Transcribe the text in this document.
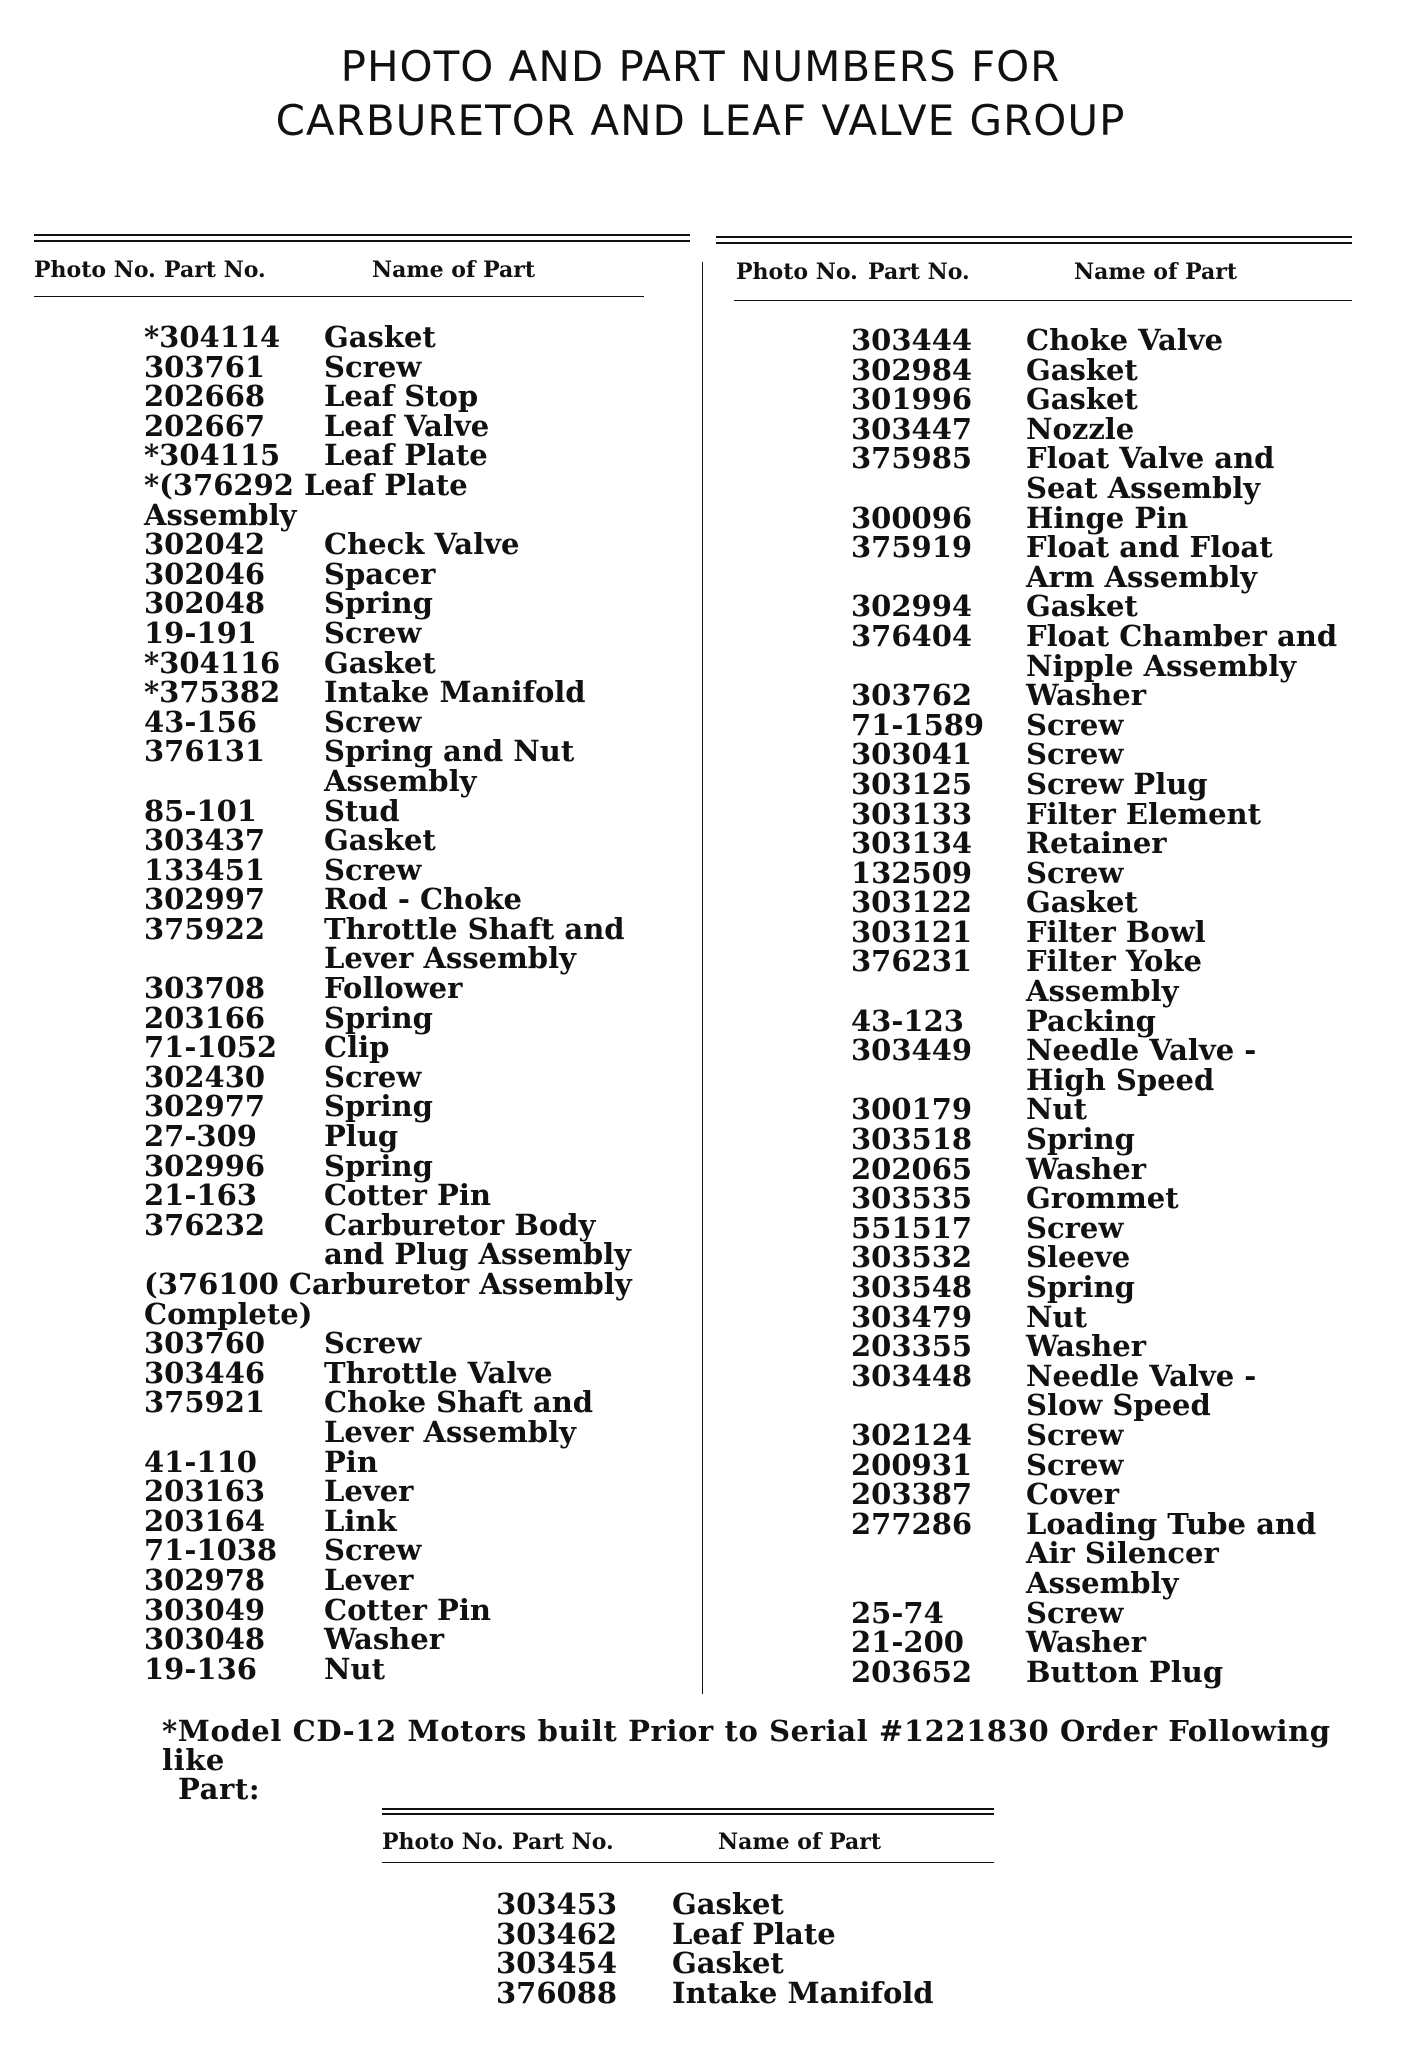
PHOTO AND PART NUMBERS FOR
CARBURETOR AND LEAF VALVE GROUP
Photo No. Part No.	Name of Part	Photo No. Part No.	Name of Part
*304114 Gasket
303761 Screw
202668 Leaf Stop
202667 Leaf Valve
*304115 Leaf Plate
*(376292 Leaf Plate
Assembly
302042 Check Valve
302046 Spacer
302048 Spring
19-191 Screw
*304116 Gasket
*375382 Intake Manifold
43-156 Screw
376131 Spring and Nut
Assembly
85-101 Stud
303437 Gasket
133451 Screw
302997 Rod - Choke
375922 Throttle Shaft and
Lever Assembly
303708 Follower
203166 Spring
71-1052 Clip
302430 Screw
302977 Spring
27-309 Plug
302996 Spring
21-163 Cotter Pin
376232 Carburetor Body
and Plug Assembly
(376100 Carburetor Assembly
Complete)
303760 Screw
303446 Throttle Valve
375921 Choke Shaft and
Lever Assembly
41-110 Pin
203163 Lever
203164 Link
71-1038 Screw
302978 Lever
303049 Cotter Pin
303048 Washer
19-136 Nut
303444 Choke Valve
302984 Gasket
301996 Gasket
303447 Nozzle
375985 Float Valve and
Seat Assembly
300096 Hinge Pin
375919 Float and Float
Arm Assembly
302994 Gasket
376404 Float Chamber and
Nipple Assembly
303762 Washer
71-1589 Screw
303041 Screw
303125 Screw Plug
303133 Filter Element
303134 Retainer
132509 Screw
303122 Gasket
303121 Filter Bowl
376231 Filter Yoke
Assembly
43-123 Packing
303449 Needle Valve -
High Speed
300179 Nut
303518 Spring
202065 Washer
303535 Grommet
551517 Screw
303532 Sleeve
303548 Spring
303479 Nut
203355 Washer
303448 Needle Valve -
Slow Speed
302124 Screw
200931 Screw
203387 Cover
277286 Loading Tube and
Air Silencer
Assembly
25-74	Screw
21-200 Washer
203652 Button Plug
*Model CD-12 Motors built Prior to Serial #1221830 Order Following like
Part:
Photo No. Part No.	Name of Part
303453 Gasket
303462 Leaf Plate
303454 Gasket
376088 Intake Manifold
